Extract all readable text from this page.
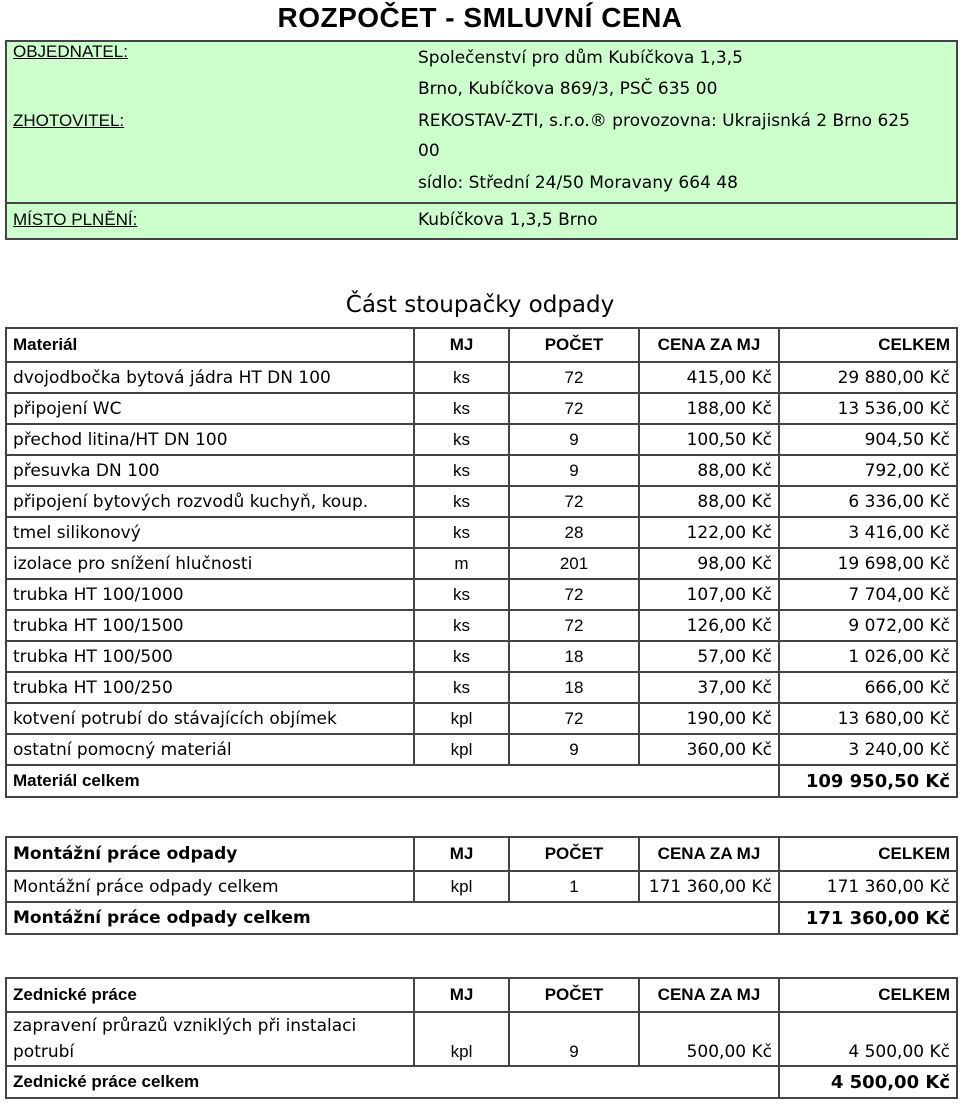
ROZPOČET - SMLUVNÍ CENA
OBJEDNATEL:	Společenství pro dům Kubíčkova 1,3,5
	Brno, Kubíčkova 869/3, PSČ 635 00
ZHOTOVITEL:	REKOSTAV-ZTI, s.r.o.® provozovna: Ukrajisnká 2 Brno 625
	00
	sídlo: Střední 24/50 Moravany 664 48
MÍSTO PLNĚNÍ:	Kubíčkova 1,3,5 Brno
Část stoupačky odpady
Materiál	MJ	POČET	CENA ZA MJ	CELKEM
dvojodbočka bytová jádra HT DN 100	ks	72	415,00 Kč	29 880,00 Kč
připojení WC	ks	72	188,00 Kč	13 536,00 Kč
přechod litina/HT DN 100	ks	9	100,50 Kč	904,50 Kč
přesuvka DN 100	ks	9	88,00 Kč	792,00 Kč
připojení bytových rozvodů kuchyň, koup.	ks	72	88,00 Kč	6 336,00 Kč
tmel silikonový	ks	28	122,00 Kč	3 416,00 Kč
izolace pro snížení hlučnosti	m	201	98,00 Kč	19 698,00 Kč
trubka HT 100/1000	ks	72	107,00 Kč	7 704,00 Kč
trubka HT 100/1500	ks	72	126,00 Kč	9 072,00 Kč
trubka HT 100/500	ks	18	57,00 Kč	1 026,00 Kč
trubka HT 100/250	ks	18	37,00 Kč	666,00 Kč
kotvení potrubí do stávajících objímek	kpl	72	190,00 Kč	13 680,00 Kč
ostatní pomocný materiál	kpl	9	360,00 Kč	3 240,00 Kč
Materiál celkem				109 950,50 Kč
Montážní práce odpady	MJ	POČET	CENA ZA MJ	CELKEM
Montážní práce odpady celkem	kpl	1	171 360,00 Kč	171 360,00 Kč
Montážní práce odpady celkem				171 360,00 Kč
Zednické práce	MJ	POČET	CENA ZA MJ	CELKEM

zapravení průrazů vzniklých při instalaci
potrubí	kpl	9	500,00 Kč	4 500,00 Kč
Zednické práce celkem				4 500,00 Kč
